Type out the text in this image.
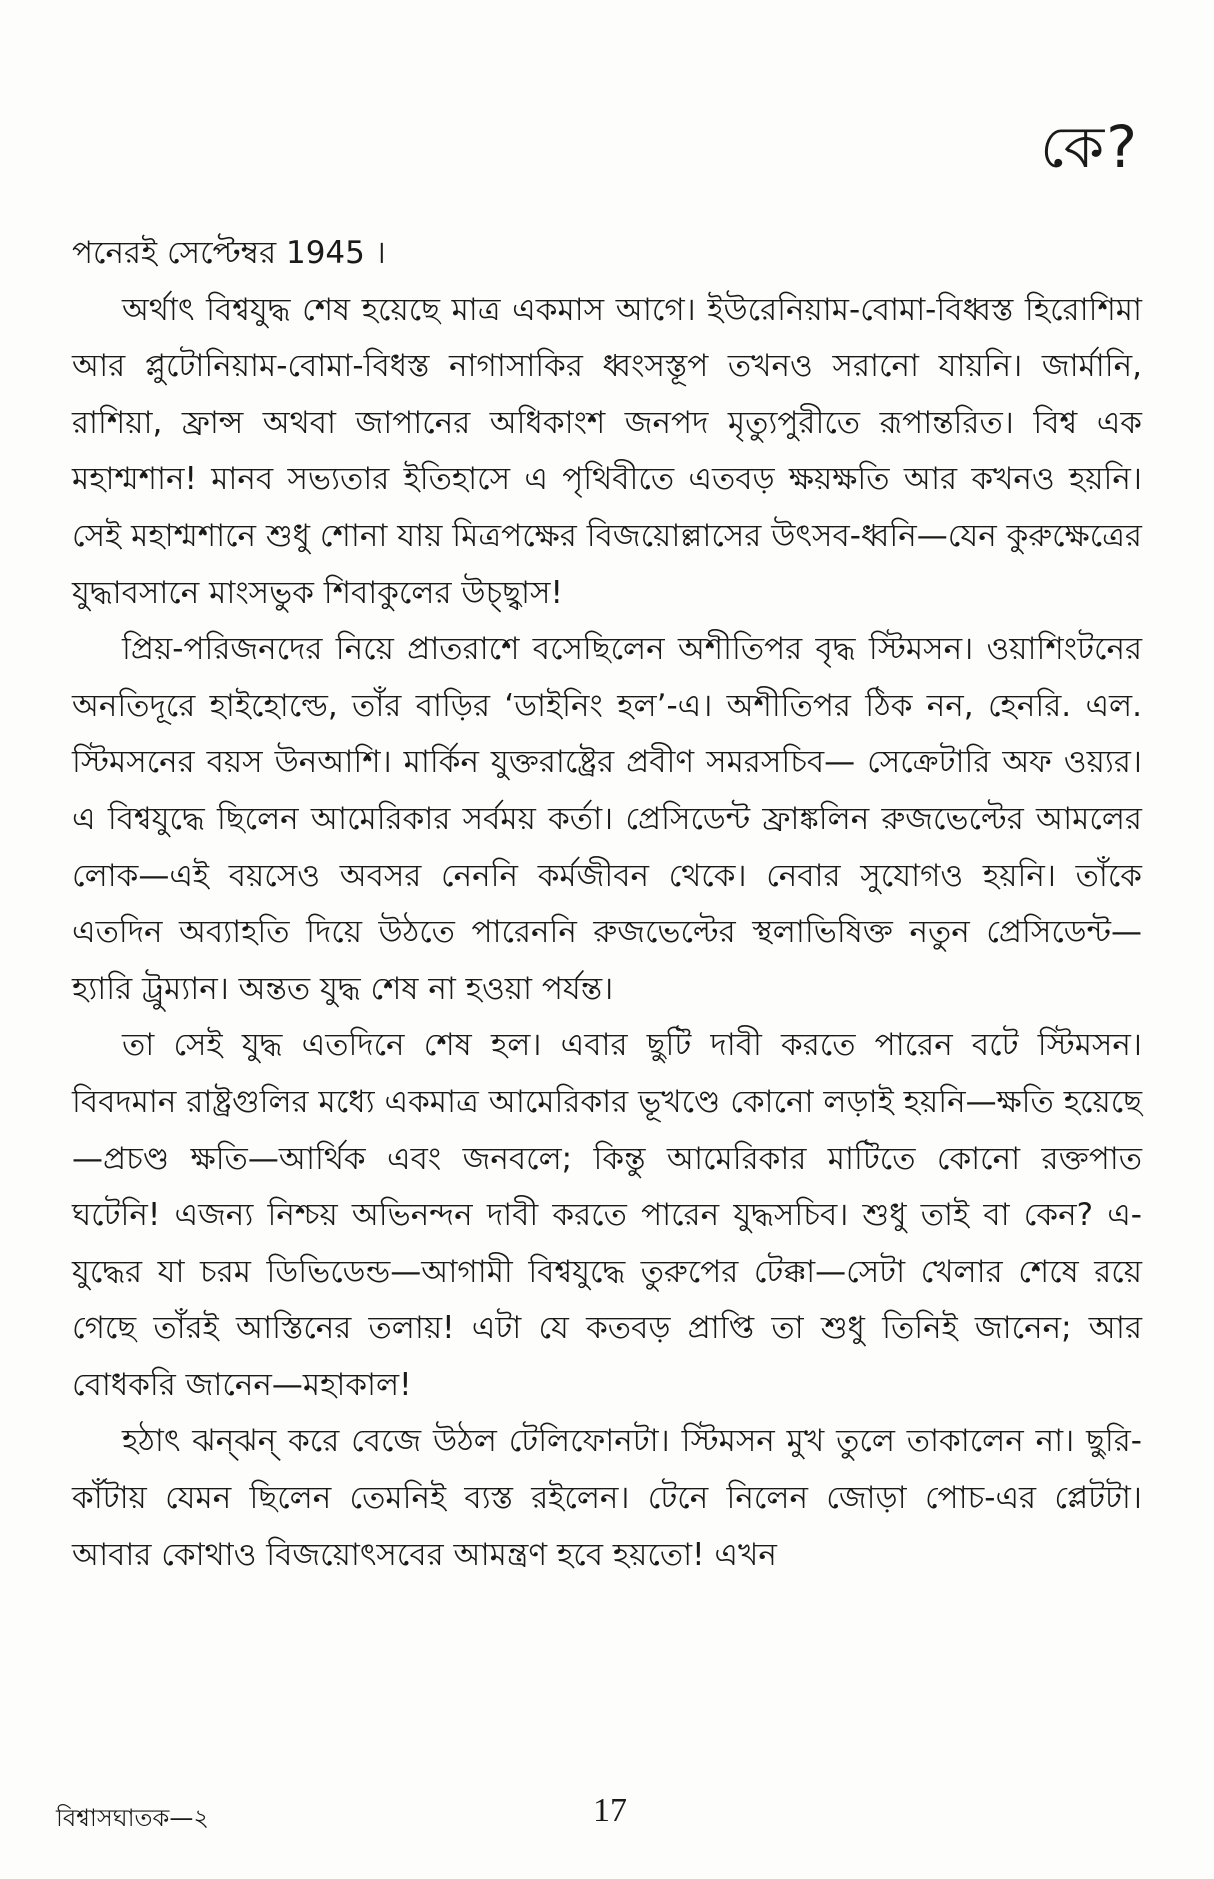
কে?

পনেরই সেপ্টেম্বর 1945 ।

অর্থাৎ বিশ্বযুদ্ধ শেষ হয়েছে মাত্র একমাস আগে। ইউরেনিয়াম-বোমা-বিধ্বস্ত হিরোশিমা আর প্লুটোনিয়াম-বোমা-বিধস্ত নাগাসাকির ধ্বংসস্তূপ তখনও সরানো যায়নি। জার্মানি, রাশিয়া, ফ্রান্স অথবা জাপানের অধিকাংশ জনপদ মৃত্যুপুরীতে রূপান্তরিত। বিশ্ব এক মহাশ্মশান! মানব সভ্যতার ইতিহাসে এ পৃথিবীতে এতবড় ক্ষয়ক্ষতি আর কখনও হয়নি। সেই মহাশ্মশানে শুধু শোনা যায় মিত্রপক্ষের বিজয়োল্লাসের উৎসব-ধ্বনি—যেন কুরুক্ষেত্রের যুদ্ধাবসানে মাংসভুক শিবাকুলের উচ্ছ্বাস!

প্রিয়-পরিজনদের নিয়ে প্রাতরাশে বসেছিলেন অশীতিপর বৃদ্ধ স্টিমসন। ওয়াশিংটনের অনতিদূরে হাইহোল্ডে, তাঁর বাড়ির ‘ডাইনিং হল’-এ। অশীতিপর ঠিক নন, হেনরি. এল. স্টিমসনের বয়স উনআশি। মার্কিন যুক্তরাষ্ট্রের প্রবীণ সমরসচিব— সেক্রেটারি অফ ওয়্যর। এ বিশ্বযুদ্ধে ছিলেন আমেরিকার সর্বময় কর্তা। প্রেসিডেন্ট ফ্রাঙ্কলিন রুজভেল্টের আমলের লোক—এই বয়সেও অবসর নেননি কর্মজীবন থেকে। নেবার সুযোগও হয়নি। তাঁকে এতদিন অব্যাহতি দিয়ে উঠতে পারেননি রুজভেল্টের স্থলাভিষিক্ত নতুন প্রেসিডেন্ট—হ্যারি ট্রুম্যান। অন্তত যুদ্ধ শেষ না হওয়া পর্যন্ত।

তা সেই যুদ্ধ এতদিনে শেষ হল। এবার ছুটি দাবী করতে পারেন বটে স্টিমসন। বিবদমান রাষ্ট্রগুলির মধ্যে একমাত্র আমেরিকার ভূখণ্ডে কোনো লড়াই হয়নি—ক্ষতি হয়েছে—প্রচণ্ড ক্ষতি—আর্থিক এবং জনবলে; কিন্তু আমেরিকার মাটিতে কোনো রক্তপাত ঘটেনি! এজন্য নিশ্চয় অভিনন্দন দাবী করতে পারেন যুদ্ধসচিব। শুধু তাই বা কেন? এ-যুদ্ধের যা চরম ডিভিডেন্ড—আগামী বিশ্বযুদ্ধে তুরুপের টেক্কা—সেটা খেলার শেষে রয়ে গেছে তাঁরই আস্তিনের তলায়! এটা যে কতবড় প্রাপ্তি তা শুধু তিনিই জানেন; আর বোধকরি জানেন—মহাকাল!

হঠাৎ ঝন্‌ঝন্ করে বেজে উঠল টেলিফোনটা। স্টিমসন মুখ তুলে তাকালেন না। ছুরি-কাঁটায় যেমন ছিলেন তেমনিই ব্যস্ত রইলেন। টেনে নিলেন জোড়া পোচ-এর প্লেটটা। আবার কোথাও বিজয়োৎসবের আমন্ত্রণ হবে হয়তো! এখন

বিশ্বাসঘাতক—২	17
